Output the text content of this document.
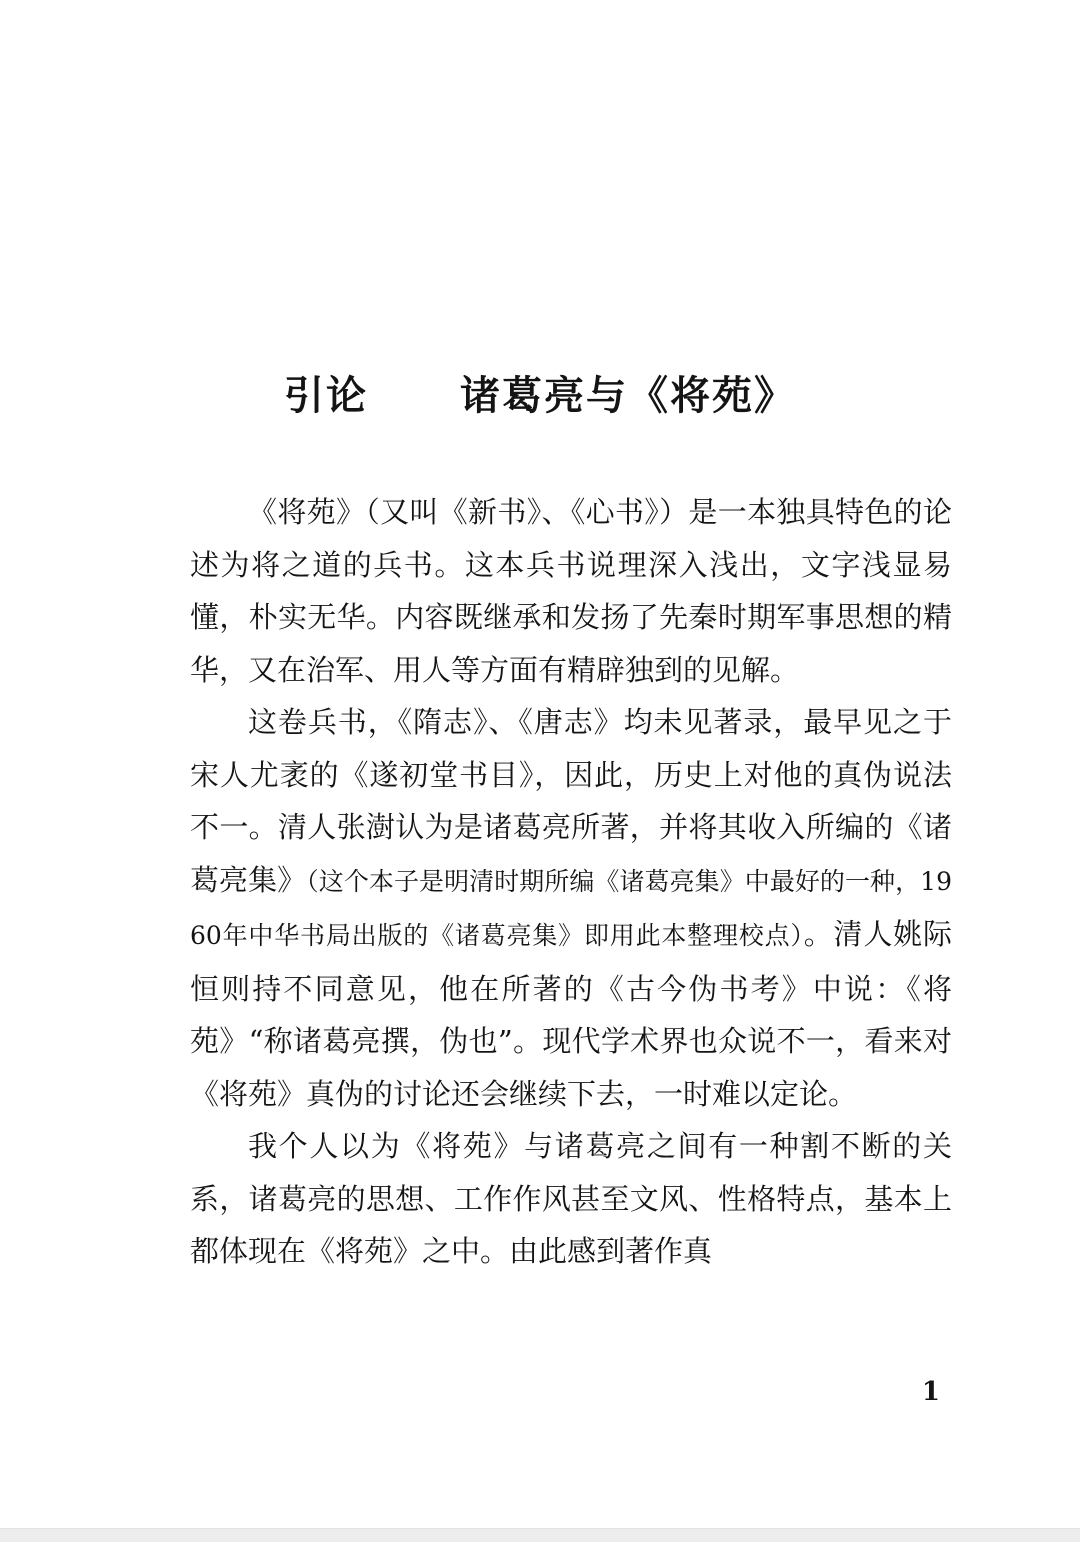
引论 诸葛亮与《将苑》

《将苑》（又叫《新书》、《心书》）是一本独具特色的论述为将之道的兵书。这本兵书说理深入浅出，文字浅显易懂，朴实无华。内容既继承和发扬了先秦时期军事思想的精华，又在治军、用人等方面有精辟独到的见解。

这卷兵书，《隋志》、《唐志》均未见著录，最早见之于宋人尤袤的《遂初堂书目》，因此，历史上对他的真伪说法不一。清人张澍认为是诸葛亮所著，并将其收入所编的《诸葛亮集》（这个本子是明清时期所编《诸葛亮集》中最好的一种，1960年中华书局出版的《诸葛亮集》即用此本整理校点）。清人姚际恒则持不同意见，他在所著的《古今伪书考》中说：《将苑》“称诸葛亮撰，伪也”。现代学术界也众说不一，看来对《将苑》真伪的讨论还会继续下去，一时难以定论。

我个人以为《将苑》与诸葛亮之间有一种割不断的关系，诸葛亮的思想、工作作风甚至文风、性格特点，基本上都体现在《将苑》之中。由此感到著作真

1
